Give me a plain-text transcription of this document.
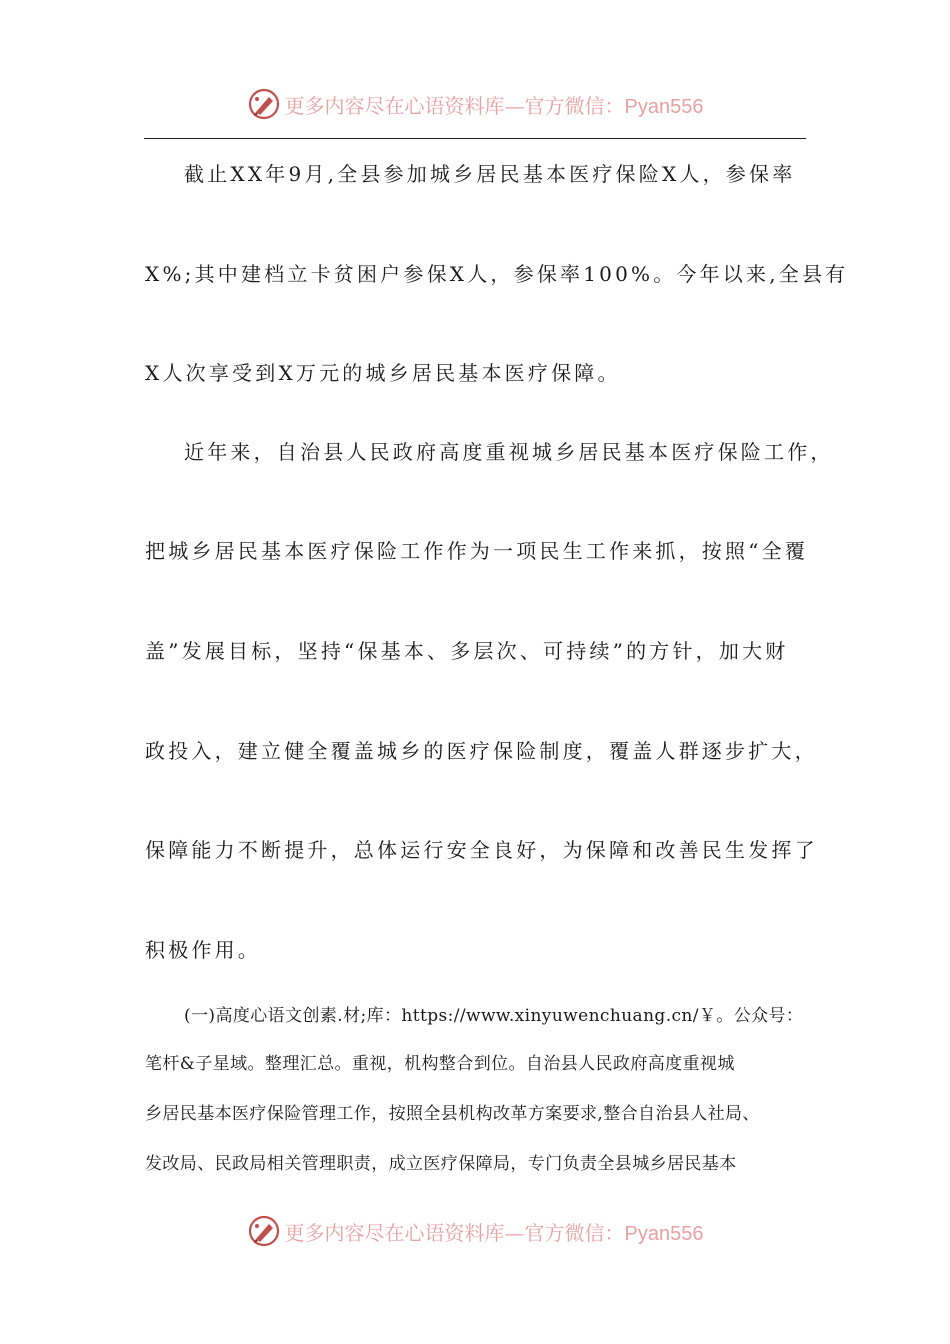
更多内容尽在心语资料库—官方微信：Pyan556
截止XX年9月,全县参加城乡居民基本医疗保险X人，参保率
X%;其中建档立卡贫困户参保X人，参保率100%。今年以来,全县有
X人次享受到X万元的城乡居民基本医疗保障。
近年来，自治县人民政府高度重视城乡居民基本医疗保险工作，
把城乡居民基本医疗保险工作作为一项民生工作来抓，按照“全覆
盖”发展目标，坚持“保基本、多层次、可持续”的方针，加大财
政投入，建立健全覆盖城乡的医疗保险制度，覆盖人群逐步扩大，
保障能力不断提升，总体运行安全良好，为保障和改善民生发挥了
积极作用。
(一)高度心语文创素.材;库：https://www.xinyuwenchuang.cn/￥。公众号：
笔杆&子星域。整理汇总。重视，机构整合到位。自治县人民政府高度重视城
乡居民基本医疗保险管理工作，按照全县机构改革方案要求,整合自治县人社局、
发改局、民政局相关管理职责，成立医疗保障局，专门负责全县城乡居民基本
更多内容尽在心语资料库—官方微信：Pyan556
